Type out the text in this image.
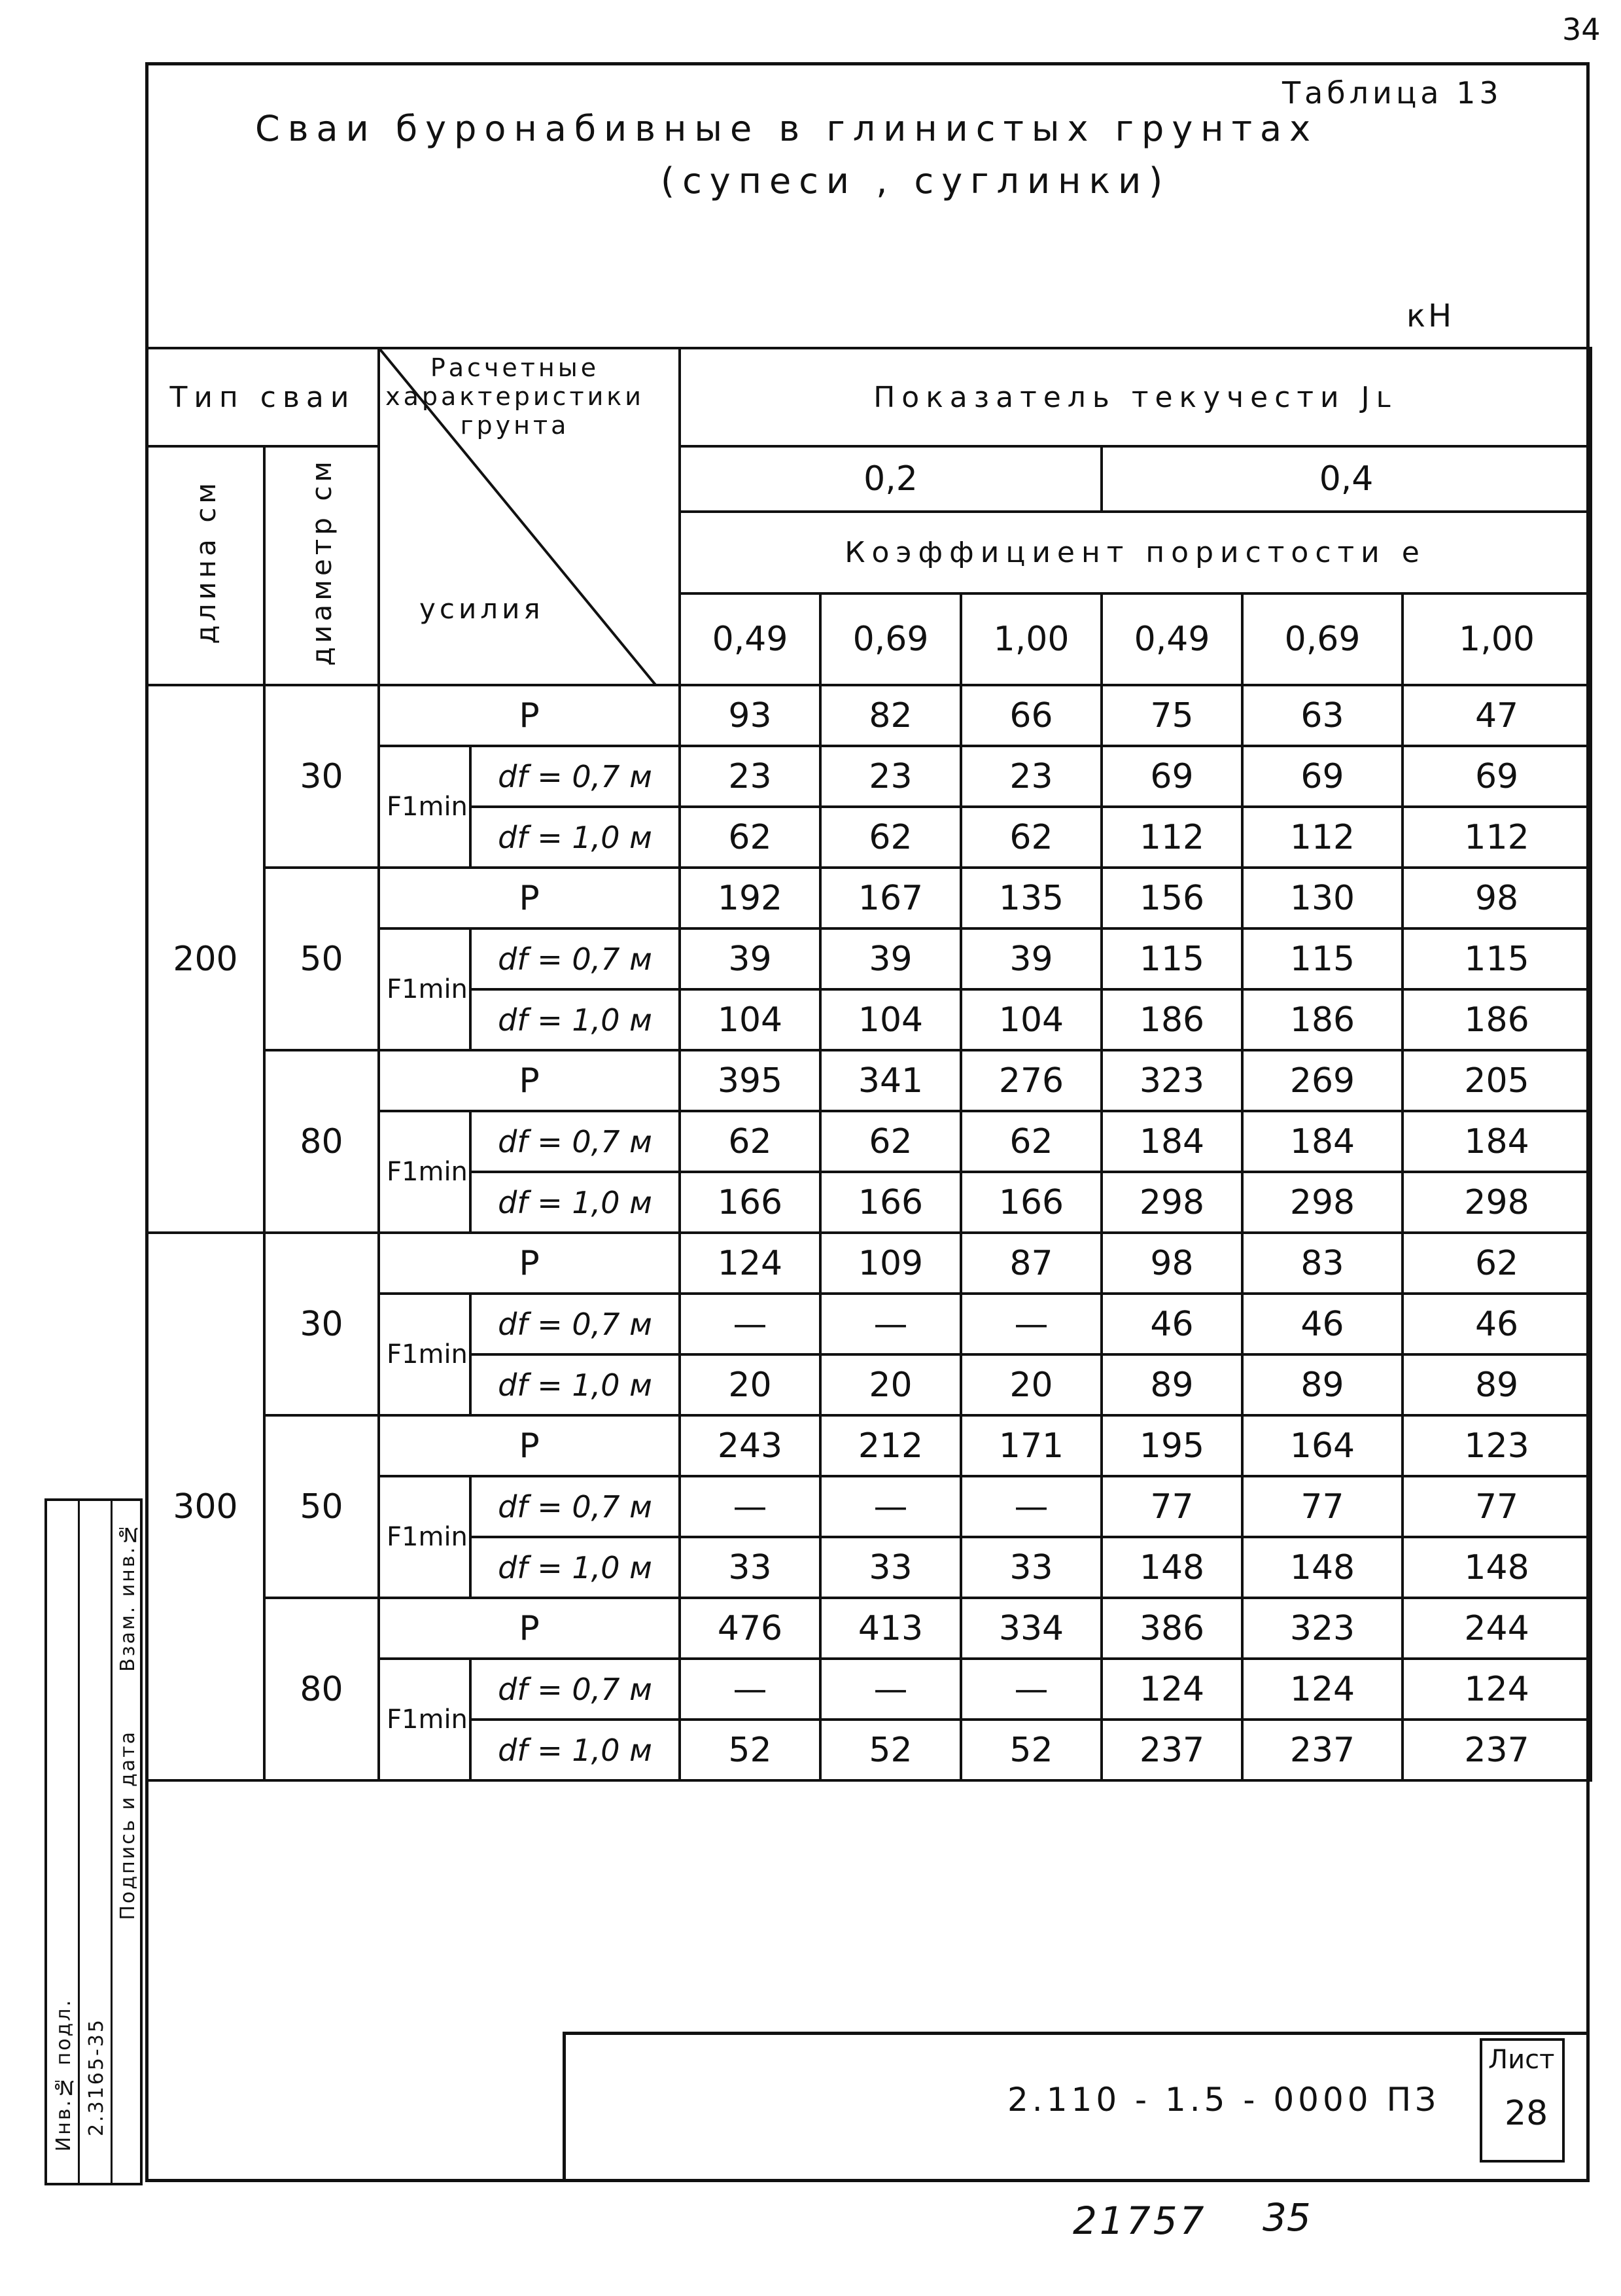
34
Сваи буронабивные в глинистых грунтах
(супеси , суглинки)
Таблица 13
кН
Тип сваи		Расчетные характеристики грунта
усилия		Показатель текучести Jʟ					
длина см	диаметр см			0,2			0,4		
				Коэффициент пористости e					
				0,49	0,69	1,00	0,49	0,69	1,00
200	30	P		93	82	66	75	63	47
		F1min	df = 0,7 м	23	23	23	69	69	69
			df = 1,0 м	62	62	62	112	112	112
	50	P		192	167	135	156	130	98
		F1min	df = 0,7 м	39	39	39	115	115	115
			df = 1,0 м	104	104	104	186	186	186
	80	P		395	341	276	323	269	205
		F1min	df = 0,7 м	62	62	62	184	184	184
			df = 1,0 м	166	166	166	298	298	298
300	30	P		124	109	87	98	83	62
		F1min	df = 0,7 м	—	—	—	46	46	46
			df = 1,0 м	20	20	20	89	89	89
	50	P		243	212	171	195	164	123
		F1min	df = 0,7 м	—	—	—	77	77	77
			df = 1,0 м	33	33	33	148	148	148
	80	P		476	413	334	386	323	244
		F1min	df = 0,7 м	—	—	—	124	124	124
			df = 1,0 м	52	52	52	237	237	237
Инв.№ подл. 2.3165-35
Подпись и дата
Взам. инв.№
2.110 - 1.5 - 0000 ПЗ
Лист
28
21757 35
